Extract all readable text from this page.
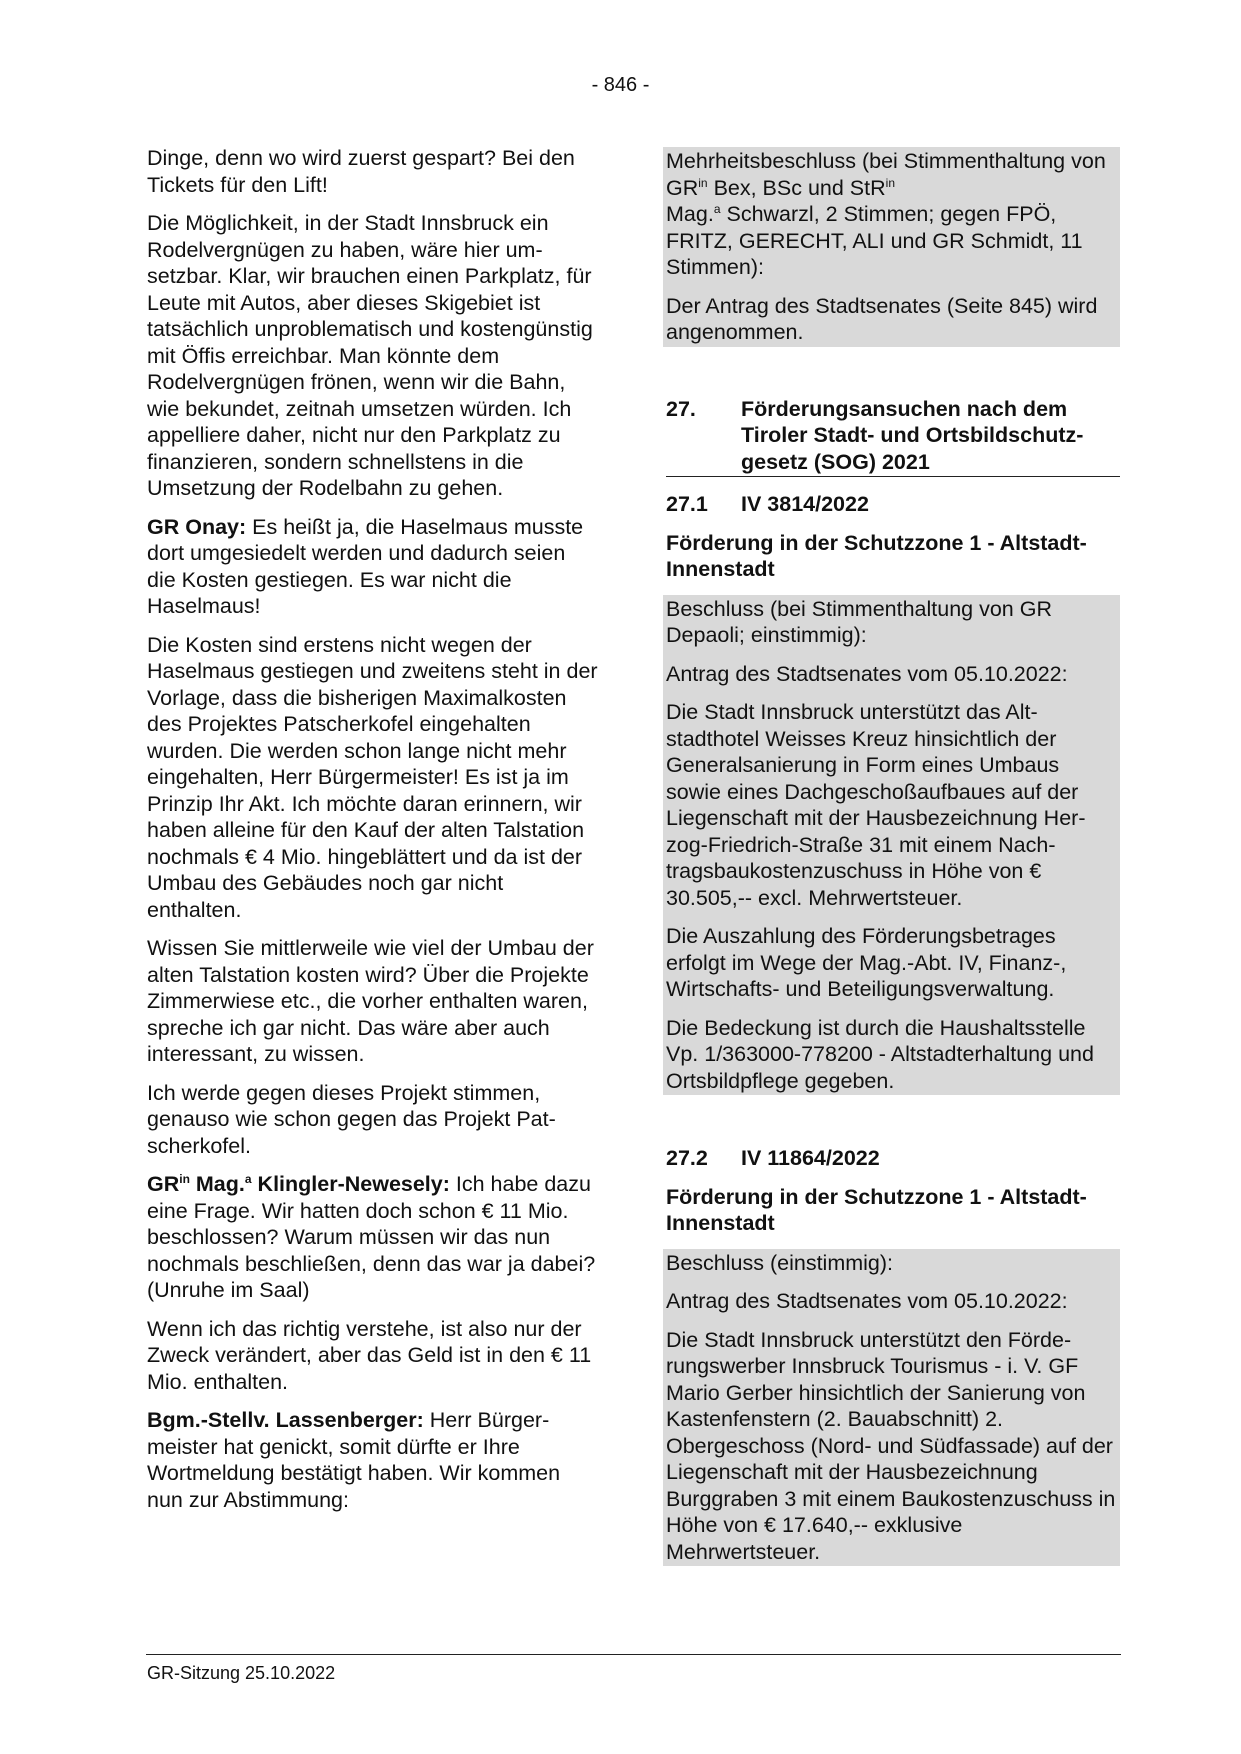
- 846 -

Dinge, denn wo wird zuerst gespart? Bei den Tickets für den Lift!

Die Möglichkeit, in der Stadt Innsbruck ein Rodelvergnügen zu haben, wäre hier umsetzbar. Klar, wir brauchen einen Parkplatz, für Leute mit Autos, aber dieses Skigebiet ist tatsächlich unproblematisch und kostengünstig mit Öffis erreichbar. Man könnte dem Rodelvergnügen frönen, wenn wir die Bahn, wie bekundet, zeitnah umsetzen würden. Ich appelliere daher, nicht nur den Parkplatz zu finanzieren, sondern schnellstens in die Umsetzung der Rodelbahn zu gehen.

GR Onay: Es heißt ja, die Haselmaus musste dort umgesiedelt werden und dadurch seien die Kosten gestiegen. Es war nicht die Haselmaus!

Die Kosten sind erstens nicht wegen der Haselmaus gestiegen und zweitens steht in der Vorlage, dass die bisherigen Maximalkosten des Projektes Patscherkofel eingehalten wurden. Die werden schon lange nicht mehr eingehalten, Herr Bürgermeister! Es ist ja im Prinzip Ihr Akt. Ich möchte daran erinnern, wir haben alleine für den Kauf der alten Talstation nochmals € 4 Mio. hingeblättert und da ist der Umbau des Gebäudes noch gar nicht enthalten.

Wissen Sie mittlerweile wie viel der Umbau der alten Talstation kosten wird? Über die Projekte Zimmerwiese etc., die vorher enthalten waren, spreche ich gar nicht. Das wäre aber auch interessant, zu wissen.

Ich werde gegen dieses Projekt stimmen, genauso wie schon gegen das Projekt Patscherkofel.

$GR^{in}$ Mag.$^a$ Klingler-Newesely: Ich habe dazu eine Frage. Wir hatten doch schon € 11 Mio. beschlossen? Warum müssen wir das nun nochmals beschließen, denn das war ja dabei? (Unruhe im Saal)

Wenn ich das richtig verstehe, ist also nur der Zweck verändert, aber das Geld ist in den € 11 Mio. enthalten.

Bgm.-Stellv. Lassenberger: Herr Bürgermeister hat genickt, somit dürfte er Ihre Wortmeldung bestätigt haben. Wir kommen nun zur Abstimmung:

Mehrheitsbeschluss (bei Stimmenthaltung von $GR^{in}$ Bex, BSc und StR$^{in}$
Mag.$^a$ Schwarzl, 2 Stimmen; gegen FPÖ, FRITZ, GERECHT, ALI und GR Schmidt, 11 Stimmen):

Der Antrag des Stadtsenates (Seite 845) wird angenommen.

27.	Förderungsansuchen nach dem Tiroler Stadt- und Ortsbildschutzgesetz (SOG) 2021
27.1	IV 3814/2022

Förderung in der Schutzzone 1 - Altstadt-Innenstadt

Beschluss (bei Stimmenthaltung von GR Depaoli; einstimmig):

Antrag des Stadtsenates vom 05.10.2022:

Die Stadt Innsbruck unterstützt das Altstadthotel Weisses Kreuz hinsichtlich der Generalsanierung in Form eines Umbaus sowie eines Dachgeschoßaufbaues auf der Liegenschaft mit der Hausbezeichnung Herzog-Friedrich-Straße 31 mit einem Nachtragsbaukostenzuschuss in Höhe von € 30.505,-- excl. Mehrwertsteuer.

Die Auszahlung des Förderungsbetrages erfolgt im Wege der Mag.-Abt. IV, Finanz-, Wirtschafts- und Beteiligungsverwaltung.

Die Bedeckung ist durch die Haushaltsstelle Vp. 1/363000-778200 - Altstadterhaltung und Ortsbildpflege gegeben.

27.2	IV 11864/2022

Förderung in der Schutzzone 1 - Altstadt-Innenstadt

Beschluss (einstimmig):

Antrag des Stadtsenates vom 05.10.2022:

Die Stadt Innsbruck unterstützt den Förderungswerber Innsbruck Tourismus - i. V. GF Mario Gerber hinsichtlich der Sanierung von Kastenfenstern (2. Bauabschnitt) 2. Obergeschoss (Nord- und Südfassade) auf der Liegenschaft mit der Hausbezeichnung Burggraben 3 mit einem Baukostenzuschuss in Höhe von € 17.640,-- exklusive Mehrwertsteuer.

GR-Sitzung 25.10.2022
